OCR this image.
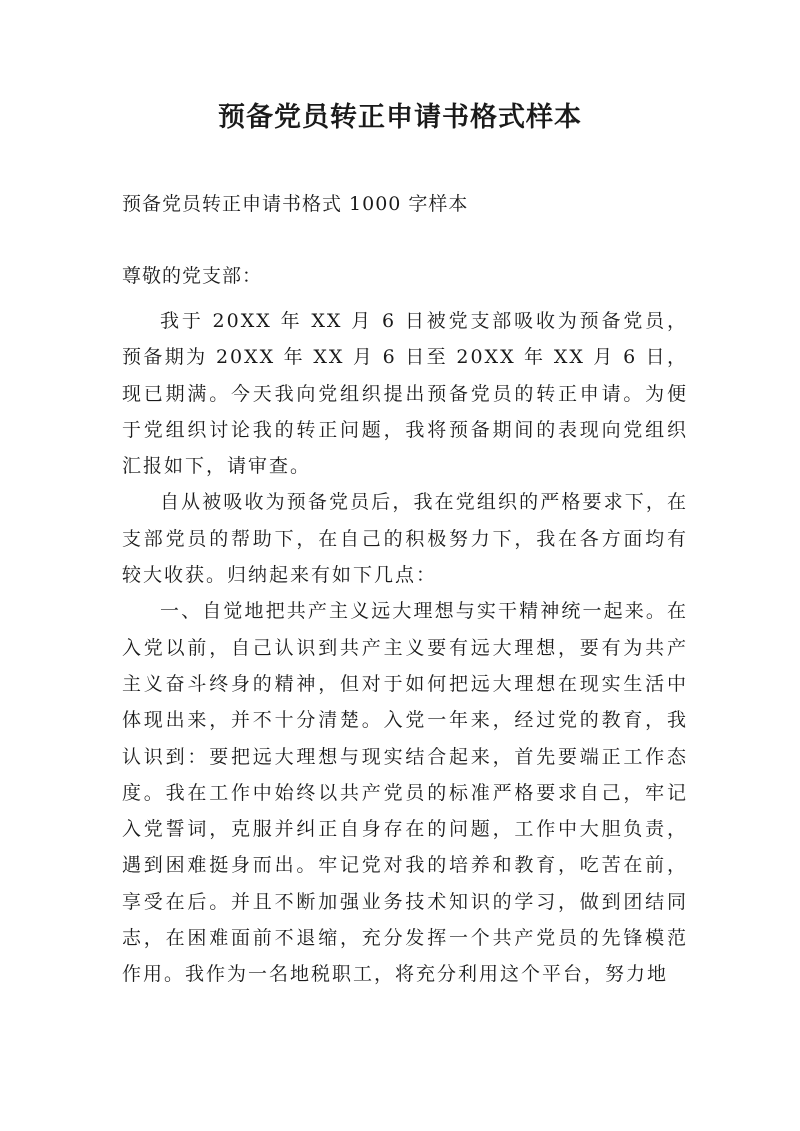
预备党员转正申请书格式样本
预备党员转正申请书格式 1000 字样本
尊敬的党支部：

我于 20XX 年 XX 月 6 日被党支部吸收为预备党员，预备期为 20XX 年 XX 月 6 日至 20XX 年 XX 月 6 日，现已期满。今天我向党组织提出预备党员的转正申请。为便于党组织讨论我的转正问题，我将预备期间的表现向党组织汇报如下，请审查。

自从被吸收为预备党员后，我在党组织的严格要求下，在支部党员的帮助下，在自己的积极努力下，我在各方面均有较大收获。归纳起来有如下几点：

一、自觉地把共产主义远大理想与实干精神统一起来。在入党以前，自己认识到共产主义要有远大理想，要有为共产主义奋斗终身的精神，但对于如何把远大理想在现实生活中体现出来，并不十分清楚。入党一年来，经过党的教育，我认识到：要把远大理想与现实结合起来，首先要端正工作态度。我在工作中始终以共产党员的标准严格要求自己，牢记入党誓词，克服并纠正自身存在的问题，工作中大胆负责，遇到困难挺身而出。牢记党对我的培养和教育，吃苦在前，享受在后。并且不断加强业务技术知识的学习，做到团结同志，在困难面前不退缩，充分发挥一个共产党员的先锋模范作用。我作为一名地税职工，将充分利用这个平台，努力地
